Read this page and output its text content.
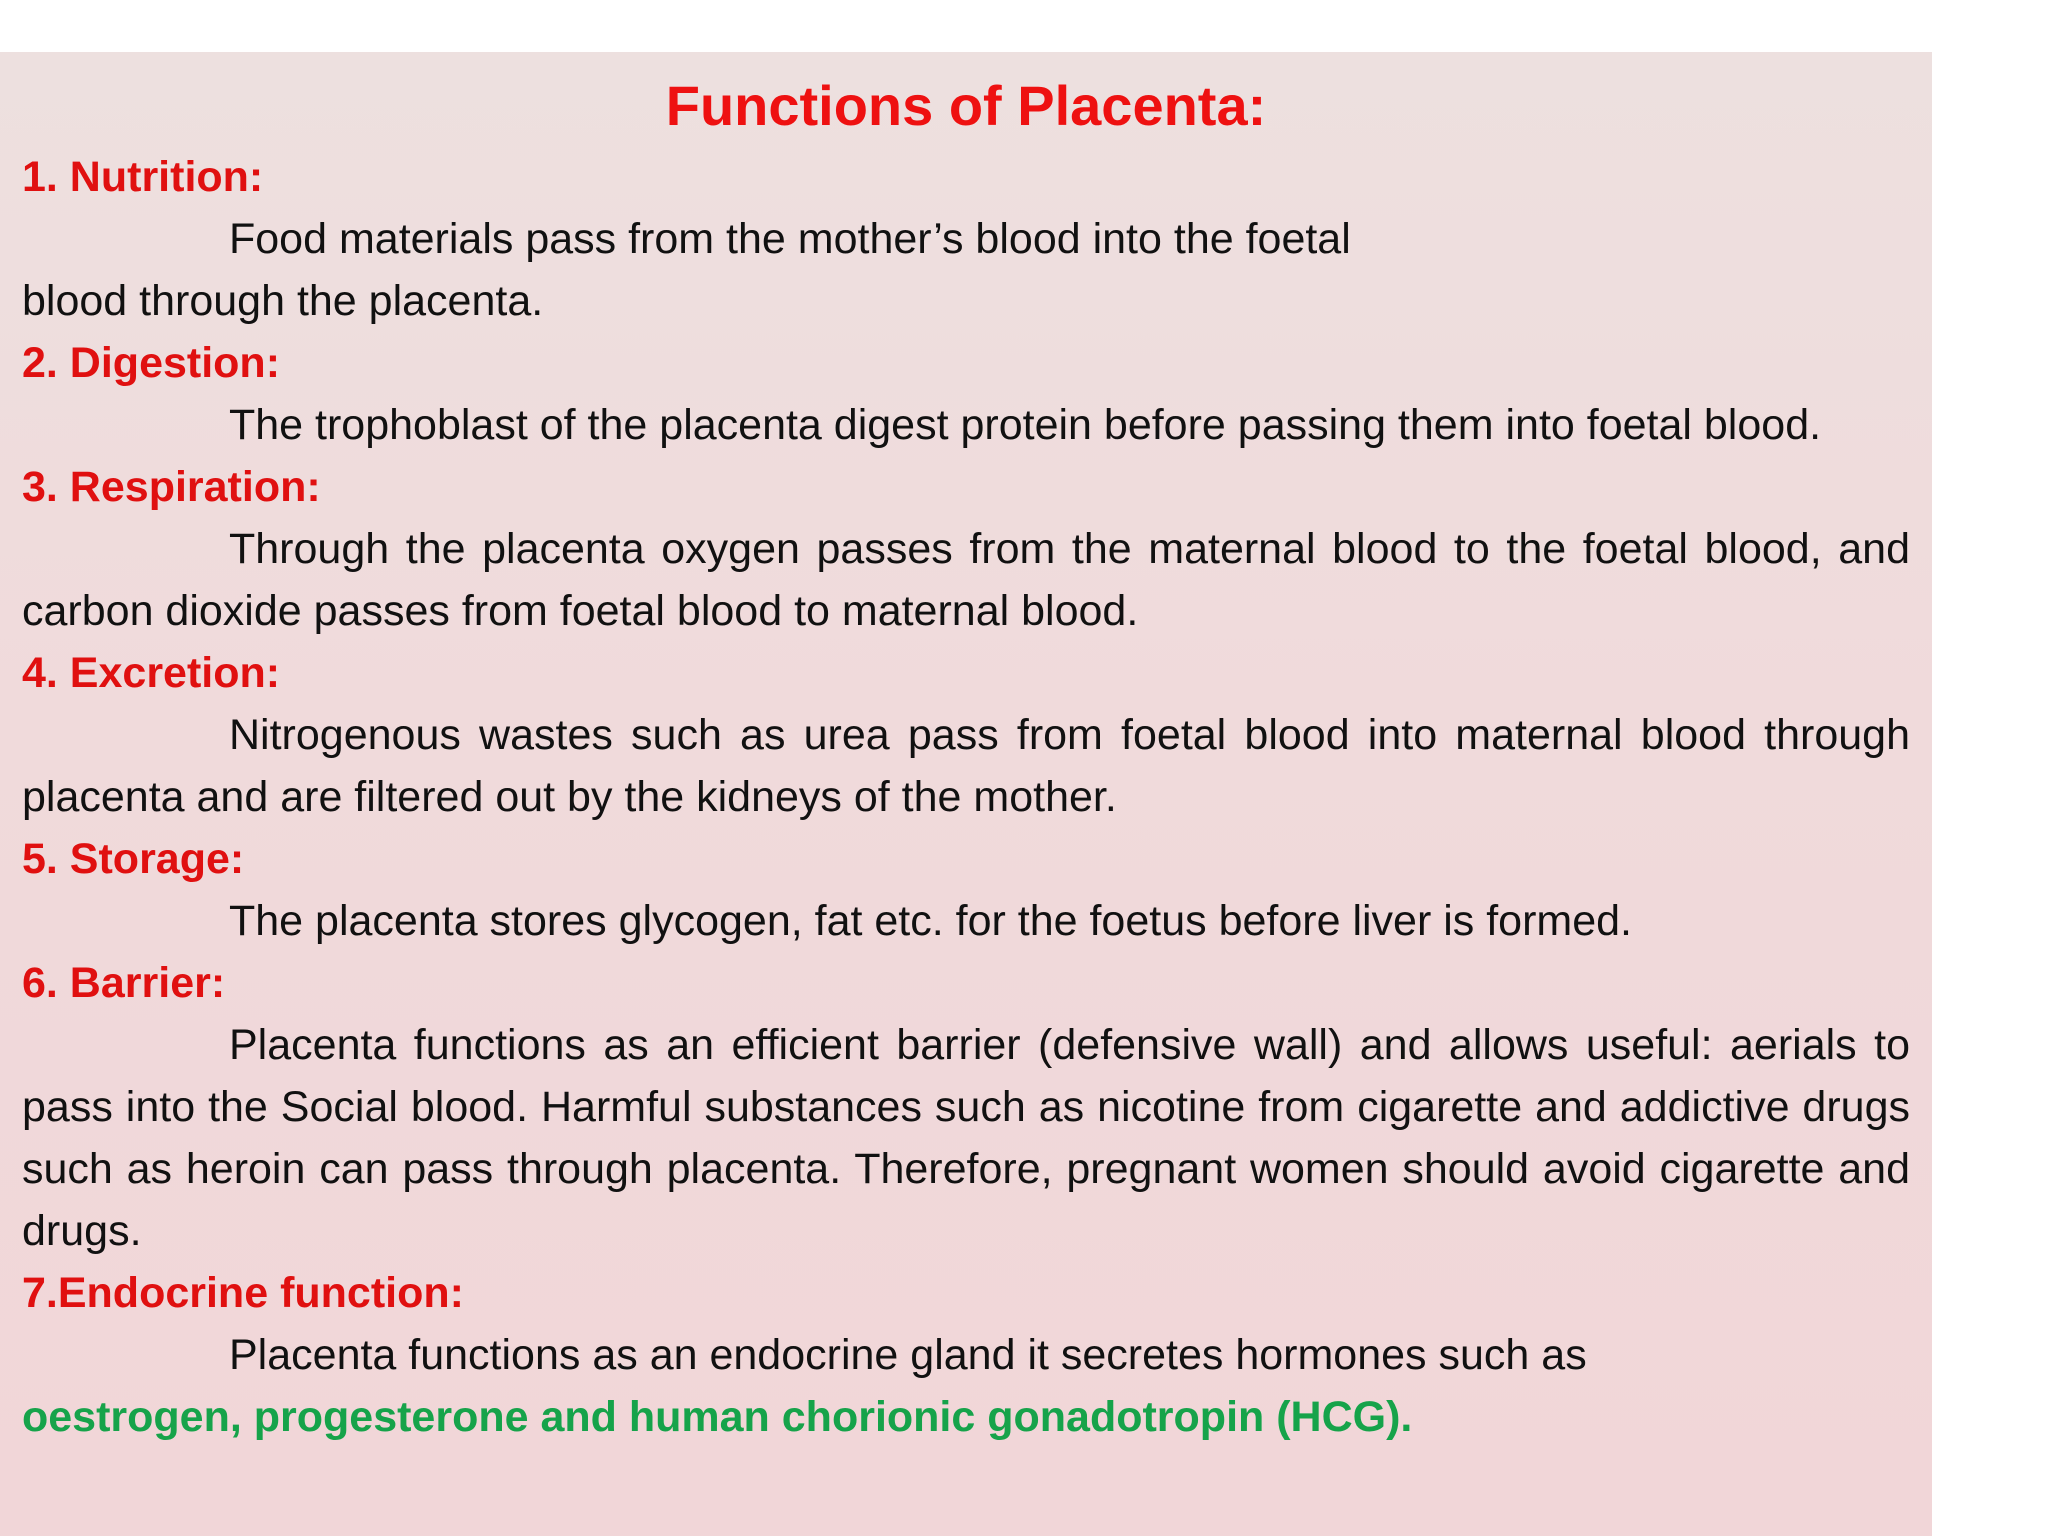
Functions of Placenta:
1. Nutrition:
Food materials pass from the mother’s blood into the foetal
blood through the placenta.
2. Digestion:

The trophoblast of the placenta digest protein before passing them into foetal blood.

3. Respiration:

Through the placenta oxygen passes from the maternal blood to the foetal blood, and carbon dioxide passes from foetal blood to maternal blood.

4. Excretion:

Nitrogenous wastes such as urea pass from foetal blood into maternal blood through placenta and are filtered out by the kidneys of the mother.

5. Storage:

The placenta stores glycogen, fat etc. for the foetus before liver is formed.

6. Barrier:

Placenta functions as an efficient barrier (defensive wall) and allows useful: aerials to pass into the Social blood. Harmful substances such as nicotine from cigarette and addictive drugs such as heroin can pass through placenta. Therefore, pregnant women should avoid cigarette and drugs.

7.Endocrine function:
Placenta functions as an endocrine gland it secretes hormones such as
oestrogen, progesterone and human chorionic gonadotropin (HCG).
